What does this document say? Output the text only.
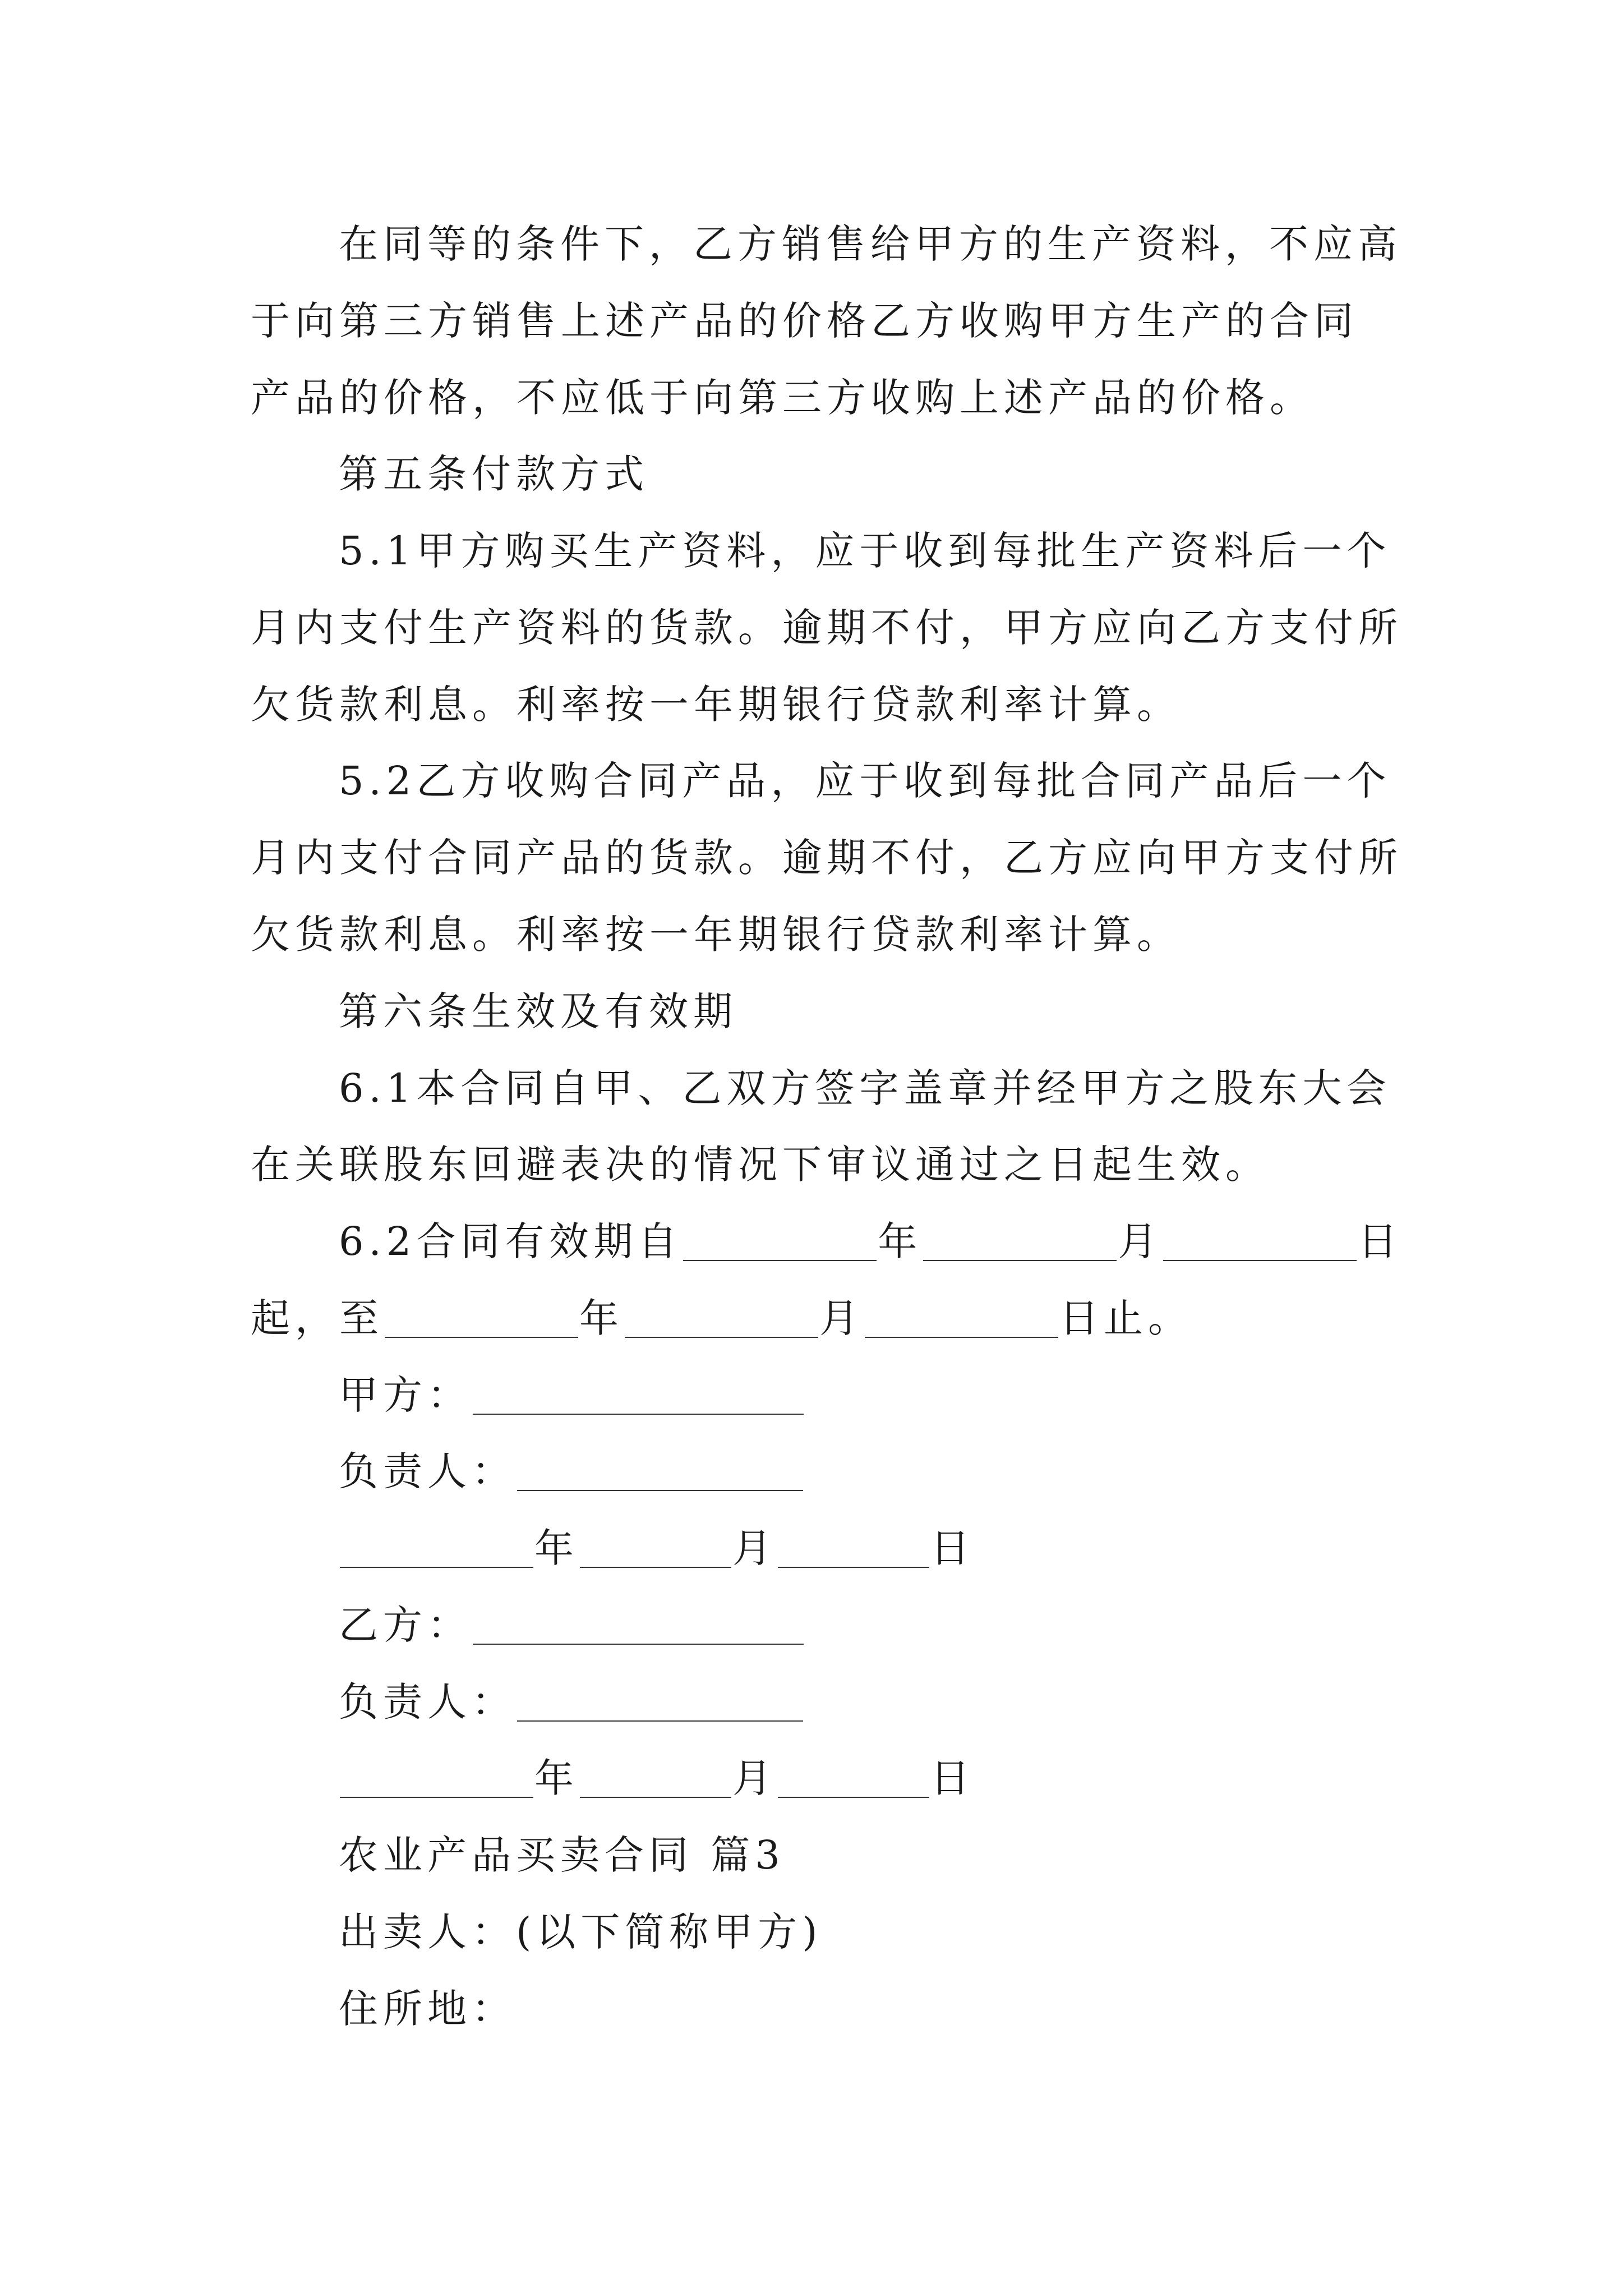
在同等的条件下，乙方销售给甲方的生产资料，不应高
于向第三方销售上述产品的价格乙方收购甲方生产的合同
产品的价格，不应低于向第三方收购上述产品的价格。
第五条付款方式
5.1甲方购买生产资料，应于收到每批生产资料后一个
月内支付生产资料的货款。逾期不付，甲方应向乙方支付所
欠货款利息。利率按一年期银行贷款利率计算。
5.2乙方收购合同产品，应于收到每批合同产品后一个
月内支付合同产品的货款。逾期不付，乙方应向甲方支付所
欠货款利息。利率按一年期银行贷款利率计算。
第六条生效及有效期
6.1本合同自甲、乙双方签字盖章并经甲方之股东大会
在关联股东回避表决的情况下审议通过之日起生效。
6.2合同有效期自	年	月	日
起，至	年	月	日止。
甲方：
负责人：
年	月	日
乙方：
负责人：
年	月	日
农业产品买卖合同 篇3
出卖人：(以下简称甲方)
住所地：
